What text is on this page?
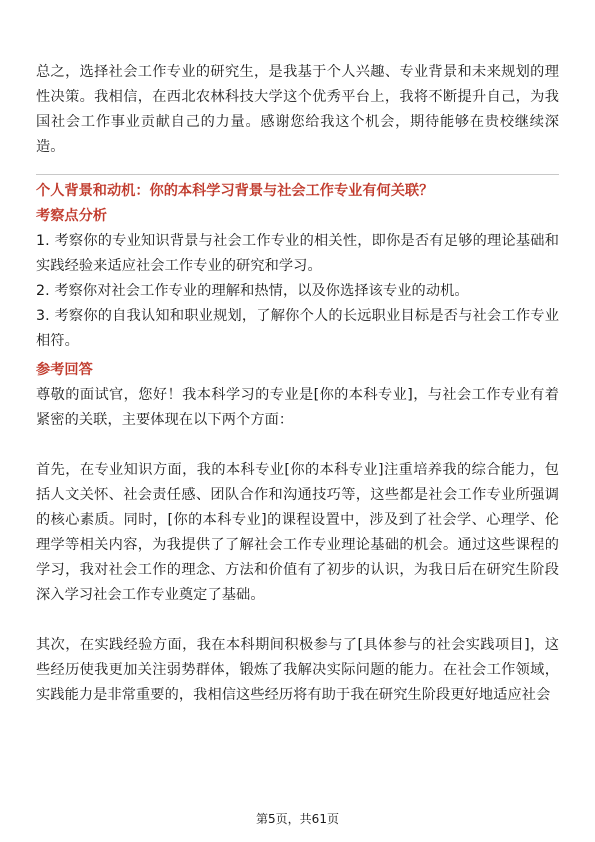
总之，选择社会工作专业的研究生，是我基于个人兴趣、专业背景和未来规划的理性决策。我相信，在西北农林科技大学这个优秀平台上，我将不断提升自己，为我国社会工作事业贡献自己的力量。感谢您给我这个机会，期待能够在贵校继续深造。

个人背景和动机：你的本科学习背景与社会工作专业有何关联？
考察点分析

1. 考察你的专业知识背景与社会工作专业的相关性，即你是否有足够的理论基础和实践经验来适应社会工作专业的研究和学习。

2. 考察你对社会工作专业的理解和热情，以及你选择该专业的动机。

3. 考察你的自我认知和职业规划，了解你个人的长远职业目标是否与社会工作专业相符。

参考回答

尊敬的面试官，您好！我本科学习的专业是[你的本科专业]，与社会工作专业有着紧密的关联，主要体现在以下两个方面：

首先，在专业知识方面，我的本科专业[你的本科专业]注重培养我的综合能力，包括人文关怀、社会责任感、团队合作和沟通技巧等，这些都是社会工作专业所强调的核心素质。同时，[你的本科专业]的课程设置中，涉及到了社会学、心理学、伦理学等相关内容，为我提供了了解社会工作专业理论基础的机会。通过这些课程的学习，我对社会工作的理念、方法和价值有了初步的认识，为我日后在研究生阶段深入学习社会工作专业奠定了基础。

其次，在实践经验方面，我在本科期间积极参与了[具体参与的社会实践项目]，这些经历使我更加关注弱势群体，锻炼了我解决实际问题的能力。在社会工作领域，实践能力是非常重要的，我相信这些经历将有助于我在研究生阶段更好地适应社会

第5页，共61页
